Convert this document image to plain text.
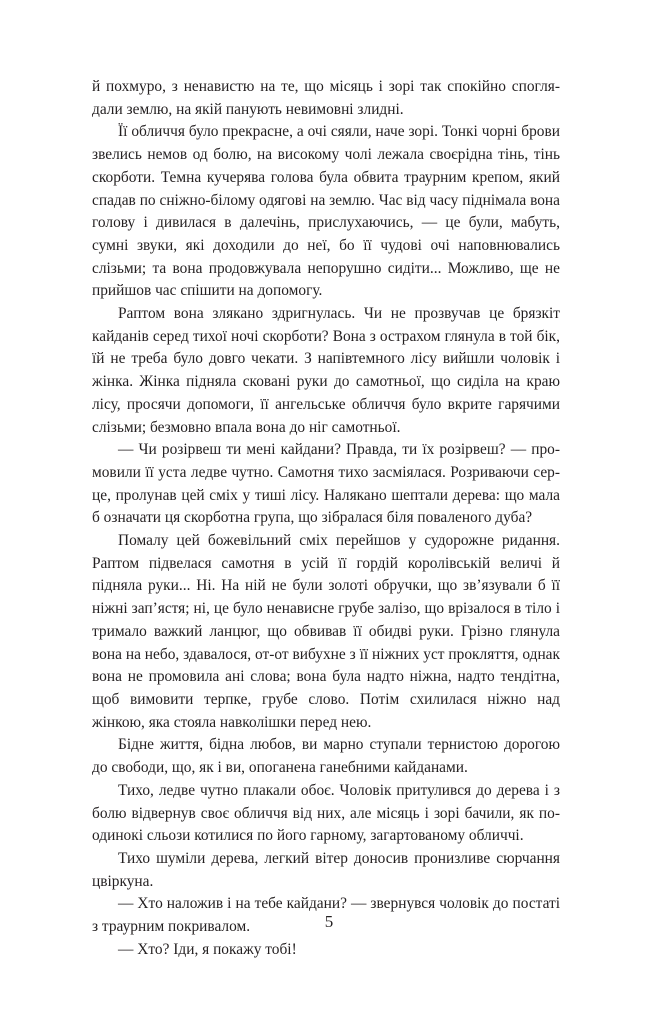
й похмуро, з ненавистю на те, що місяць і зорі так спокійно споглядали землю, на якій панують невимовні злидні.

Її обличчя було прекрасне, а очі сяяли, наче зорі. Тонкі чорні брови звелись немов од болю, на високому чолі лежала своєрідна тінь, тінь скорботи. Темна кучерява голова була обвита траурним крепом, який спадав по сніжно-білому одягові на землю. Час від часу піднімала вона голову і дивилася в далечінь, прислухаючись, — це були, мабуть, сумні звуки, які доходили до неї, бо її чудові очі наповнювались слізьми; та вона продовжувала непорушно сидіти... Можливо, ще не прийшов час спішити на допомогу.

Раптом вона злякано здригнулась. Чи не прозвучав це брязкіт кайданів серед тихої ночі скорботи? Вона з острахом глянула в той бік, їй не треба було довго чекати. З напівтемного лісу вийшли чоловік і жінка. Жінка підняла сковані руки до самотньої, що сиділа на краю лісу, просячи допомоги, її ангельське обличчя було вкрите гарячими слізьми; безмовно впала вона до ніг самотньої.

— Чи розірвеш ти мені кайдани? Правда, ти їх розірвеш? — промовили її уста ледве чутно. Самотня тихо засміялася. Розриваючи серце, пролунав цей сміх у тиші лісу. Налякано шептали дерева: що мала б означати ця скорботна група, що зібралася біля поваленого дуба?

Помалу цей божевільний сміх перейшов у судорожне ридання. Раптом підвелася самотня в усій її гордій королівській величі й підняла руки... Ні. На ній не були золоті обручки, що зв’язували б її ніжні зап’ястя; ні, це було ненависне грубе залізо, що врізалося в тіло і тримало важкий ланцюг, що обвивав її обидві руки. Грізно глянула вона на небо, здавалося, от-от вибухне з її ніжних уст прокляття, однак вона не промовила ані слова; вона була надто ніжна, надто тендітна, щоб вимовити терпке, грубе слово. Потім схилилася ніжно над жінкою, яка стояла навколішки перед нею.

Бідне життя, бідна любов, ви марно ступали тернистою дорогою до свободи, що, як і ви, опоганена ганебними кайданами.

Тихо, ледве чутно плакали обоє. Чоловік притулився до дерева і з болю відвернув своє обличчя від них, але місяць і зорі бачили, як поодинокі сльози котилися по його гарному, загартованому обличчі.

Тихо шуміли дерева, легкий вітер доносив пронизливе сюрчання цвіркуна.

— Хто наложив і на тебе кайдани? — звернувся чоловік до постаті з траурним покривалом.

— Хто? Іди, я покажу тобі!

5
